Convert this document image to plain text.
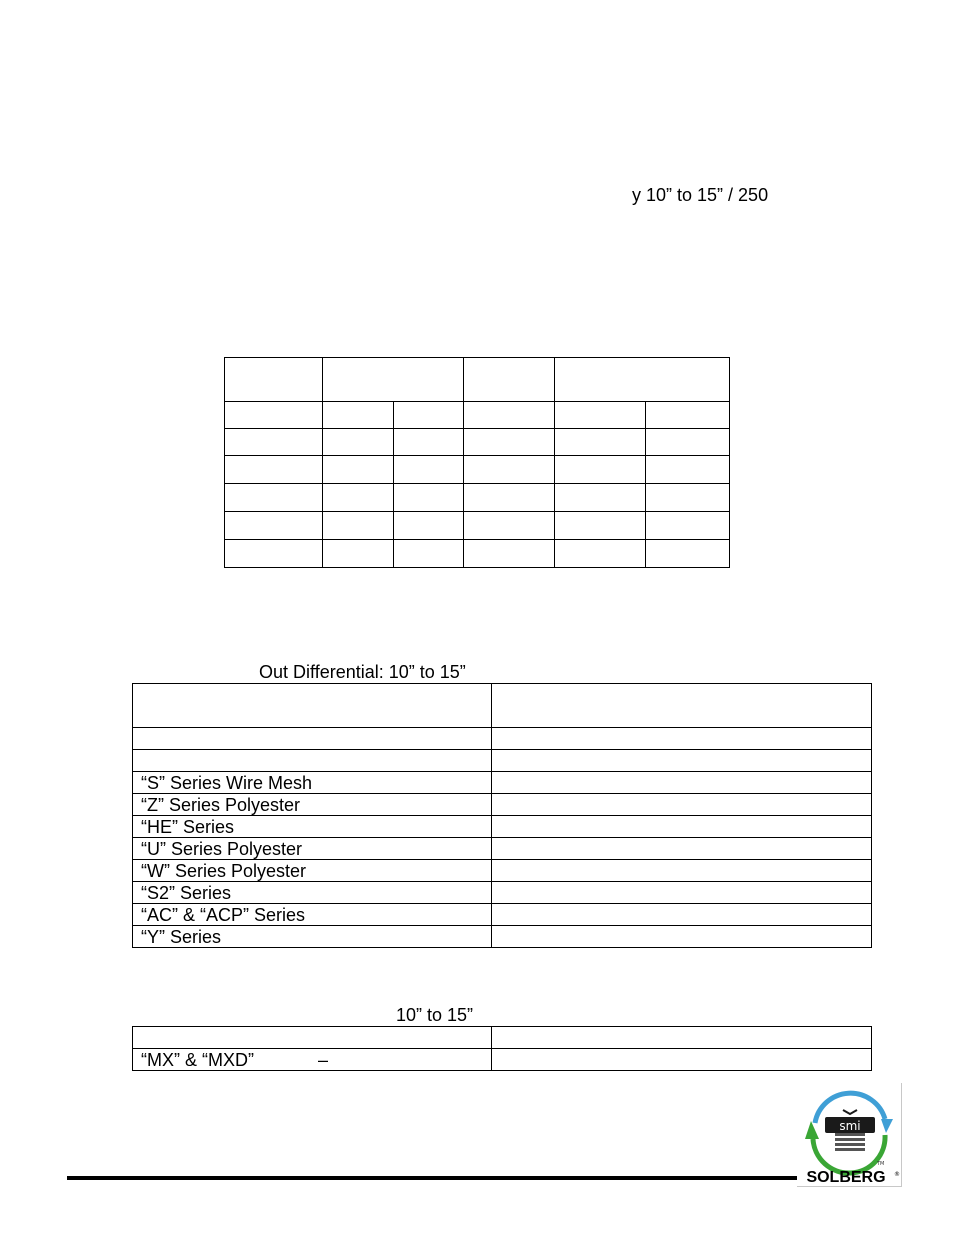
y 10” to 15” / 250

Out Differential: 10” to 15”

“S” Series Wire Mesh	
“Z” Series Polyester	
“HE” Series	
“U” Series Polyester	
“W” Series Polyester	
“S2” Series	
“AC” & “ACP” Series	
“Y” Series	
10” to 15”

“MX” & “MXD” –	
smi
TM
SOLBERG ®
